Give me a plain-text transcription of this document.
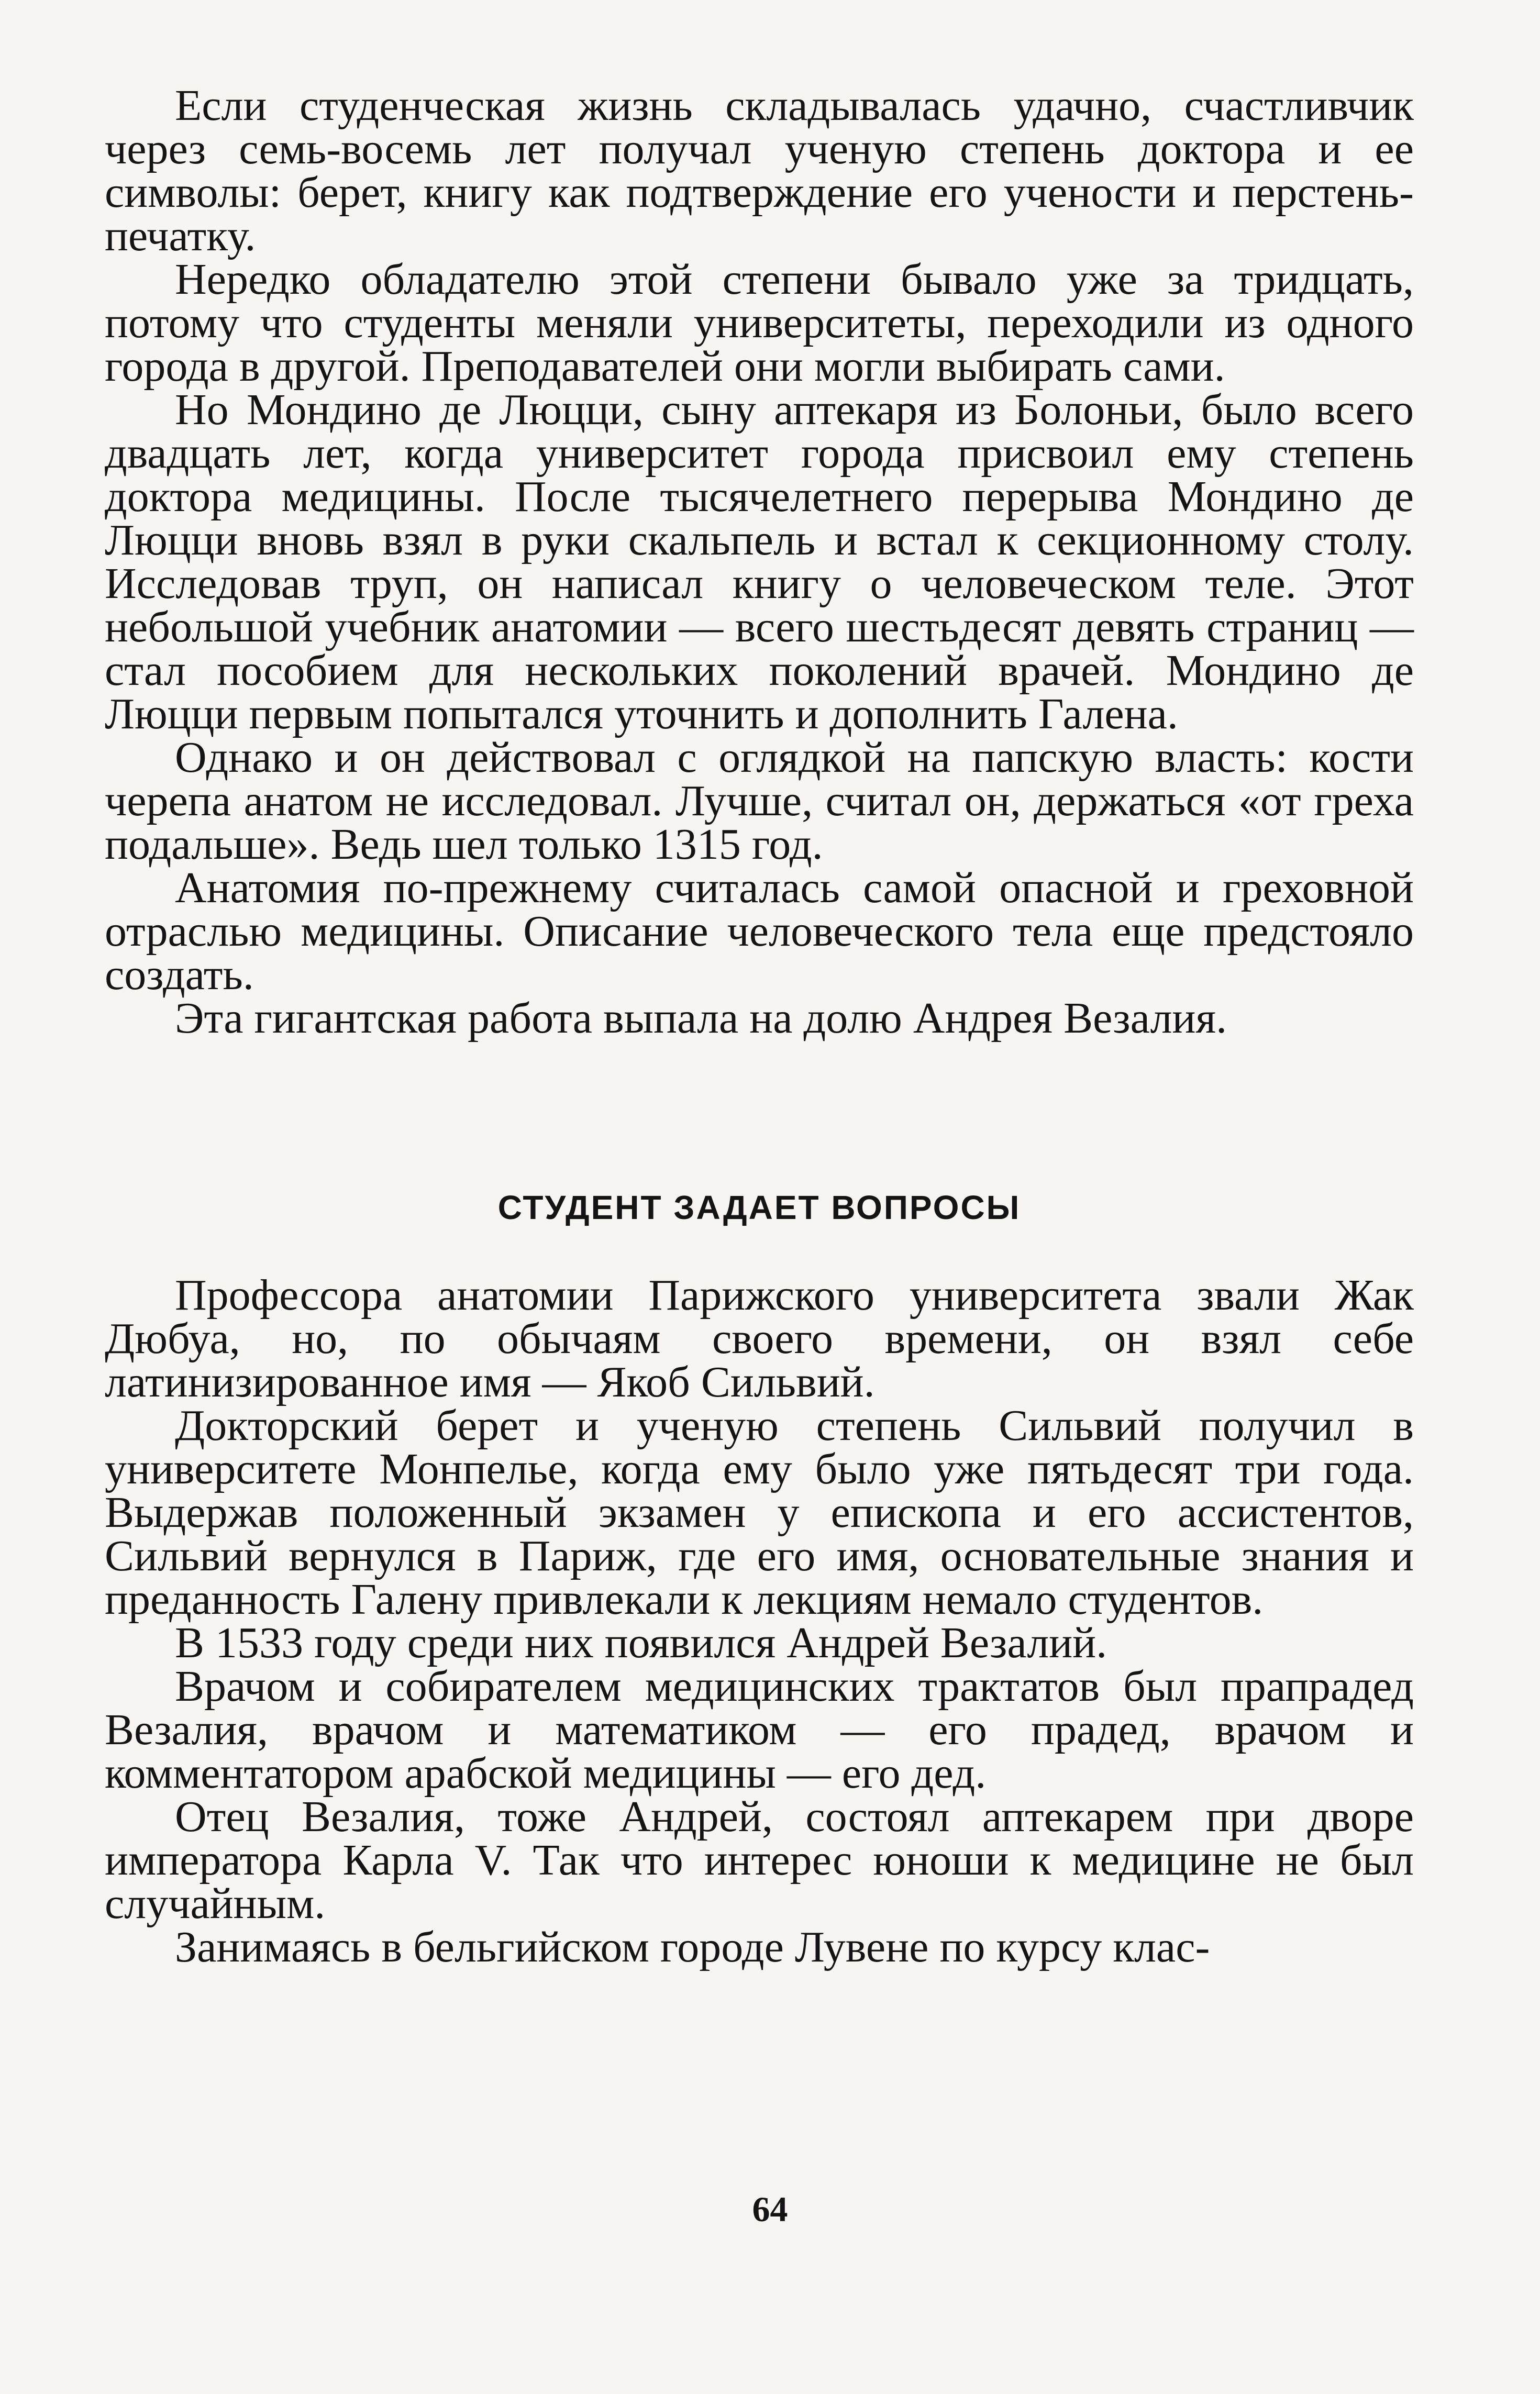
Если студенческая жизнь складывалась удачно, счастливчик через семь-восемь лет получал ученую степень доктора и ее символы: берет, книгу как подтверждение его учености и перстень-печатку.

Нередко обладателю этой степени бывало уже за тридцать, потому что студенты меняли университеты, переходили из одного города в другой. Преподавателей они могли выбирать сами.

Но Мондино де Люцци, сыну аптекаря из Болоньи, было всего двадцать лет, когда университет города присвоил ему степень доктора медицины. После тысячелетнего перерыва Мондино де Люцци вновь взял в руки скальпель и встал к секционному столу. Исследовав труп, он написал книгу о человеческом теле. Этот небольшой учебник анатомии — всего шестьдесят девять страниц — стал пособием для нескольких поколений врачей. Мондино де Люцци первым попытался уточнить и дополнить Галена.

Однако и он действовал с оглядкой на папскую власть: кости черепа анатом не исследовал. Лучше, считал он, держаться «от греха подальше». Ведь шел только 1315 год.

Анатомия по-прежнему считалась самой опасной и греховной отраслью медицины. Описание человеческого тела еще предстояло создать.

Эта гигантская работа выпала на долю Андрея Везалия.

СТУДЕНТ ЗАДАЕТ ВОПРОСЫ

Профессора анатомии Парижского университета звали Жак Дюбуа, но, по обычаям своего времени, он взял себе латинизированное имя — Якоб Сильвий.

Докторский берет и ученую степень Сильвий получил в университете Монпелье, когда ему было уже пятьдесят три года. Выдержав положенный экзамен у епископа и его ассистентов, Сильвий вернулся в Париж, где его имя, основательные знания и преданность Галену привлекали к лекциям немало студентов.

В 1533 году среди них появился Андрей Везалий.

Врачом и собирателем медицинских трактатов был прапрадед Везалия, врачом и математиком — его прадед, врачом и комментатором арабской медицины — его дед.

Отец Везалия, тоже Андрей, состоял аптекарем при дворе императора Карла V. Так что интерес юноши к медицине не был случайным.

Занимаясь в бельгийском городе Лувене по курсу клас-

64
